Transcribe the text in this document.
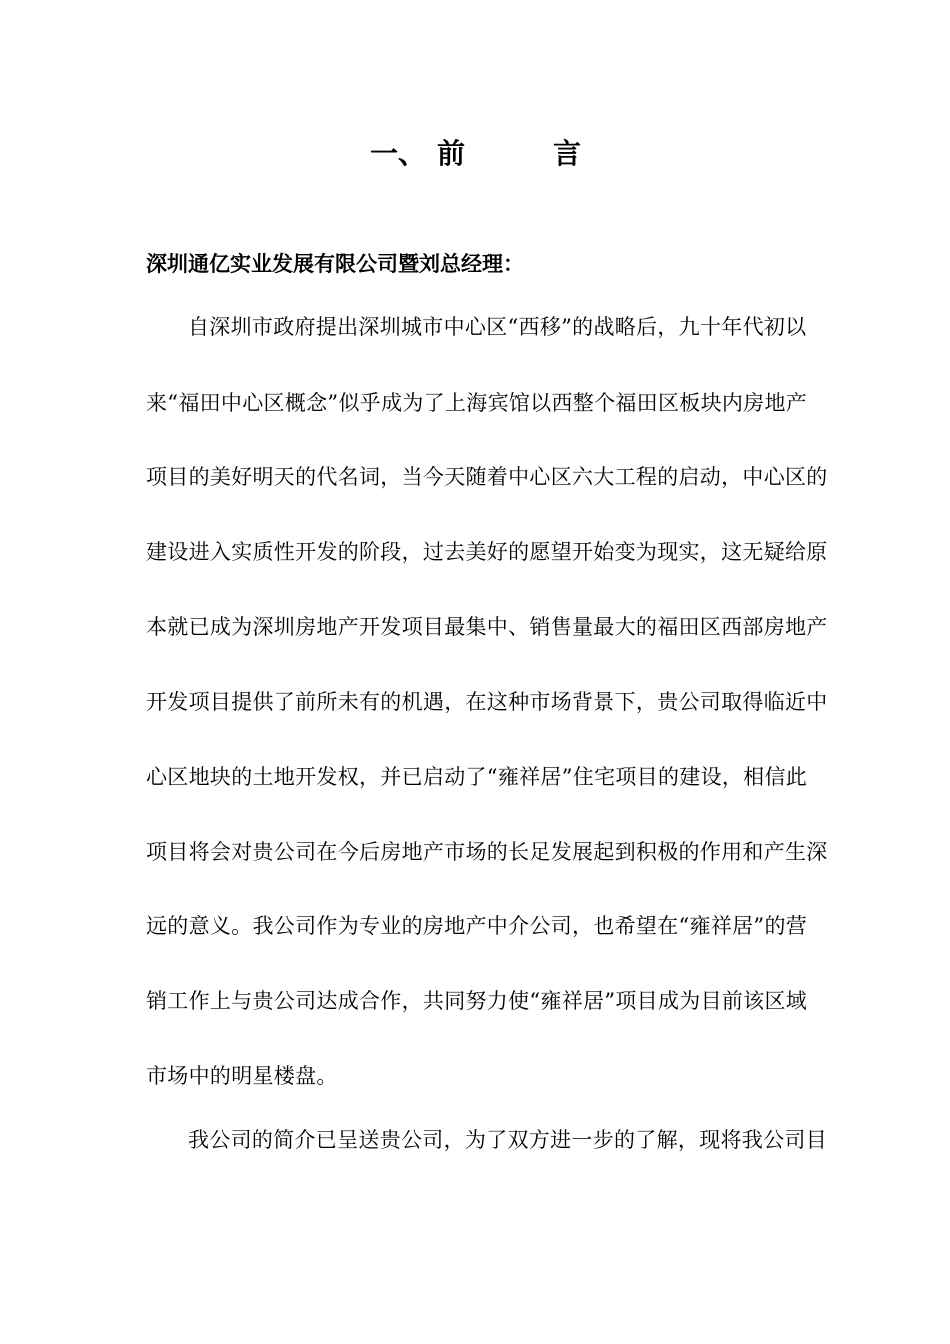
一、 前	言
深圳通亿实业发展有限公司暨刘总经理：
自深圳市政府提出深圳城市中心区“西移”的战略后，九十年代初以
来“福田中心区概念”似乎成为了上海宾馆以西整个福田区板块内房地产
项目的美好明天的代名词，当今天随着中心区六大工程的启动，中心区的
建设进入实质性开发的阶段，过去美好的愿望开始变为现实，这无疑给原
本就已成为深圳房地产开发项目最集中、销售量最大的福田区西部房地产
开发项目提供了前所未有的机遇，在这种市场背景下，贵公司取得临近中
心区地块的土地开发权，并已启动了“雍祥居”住宅项目的建设，相信此
项目将会对贵公司在今后房地产市场的长足发展起到积极的作用和产生深
远的意义。我公司作为专业的房地产中介公司，也希望在“雍祥居”的营
销工作上与贵公司达成合作，共同努力使“雍祥居”项目成为目前该区域
市场中的明星楼盘。
我公司的简介已呈送贵公司，为了双方进一步的了解，现将我公司目
